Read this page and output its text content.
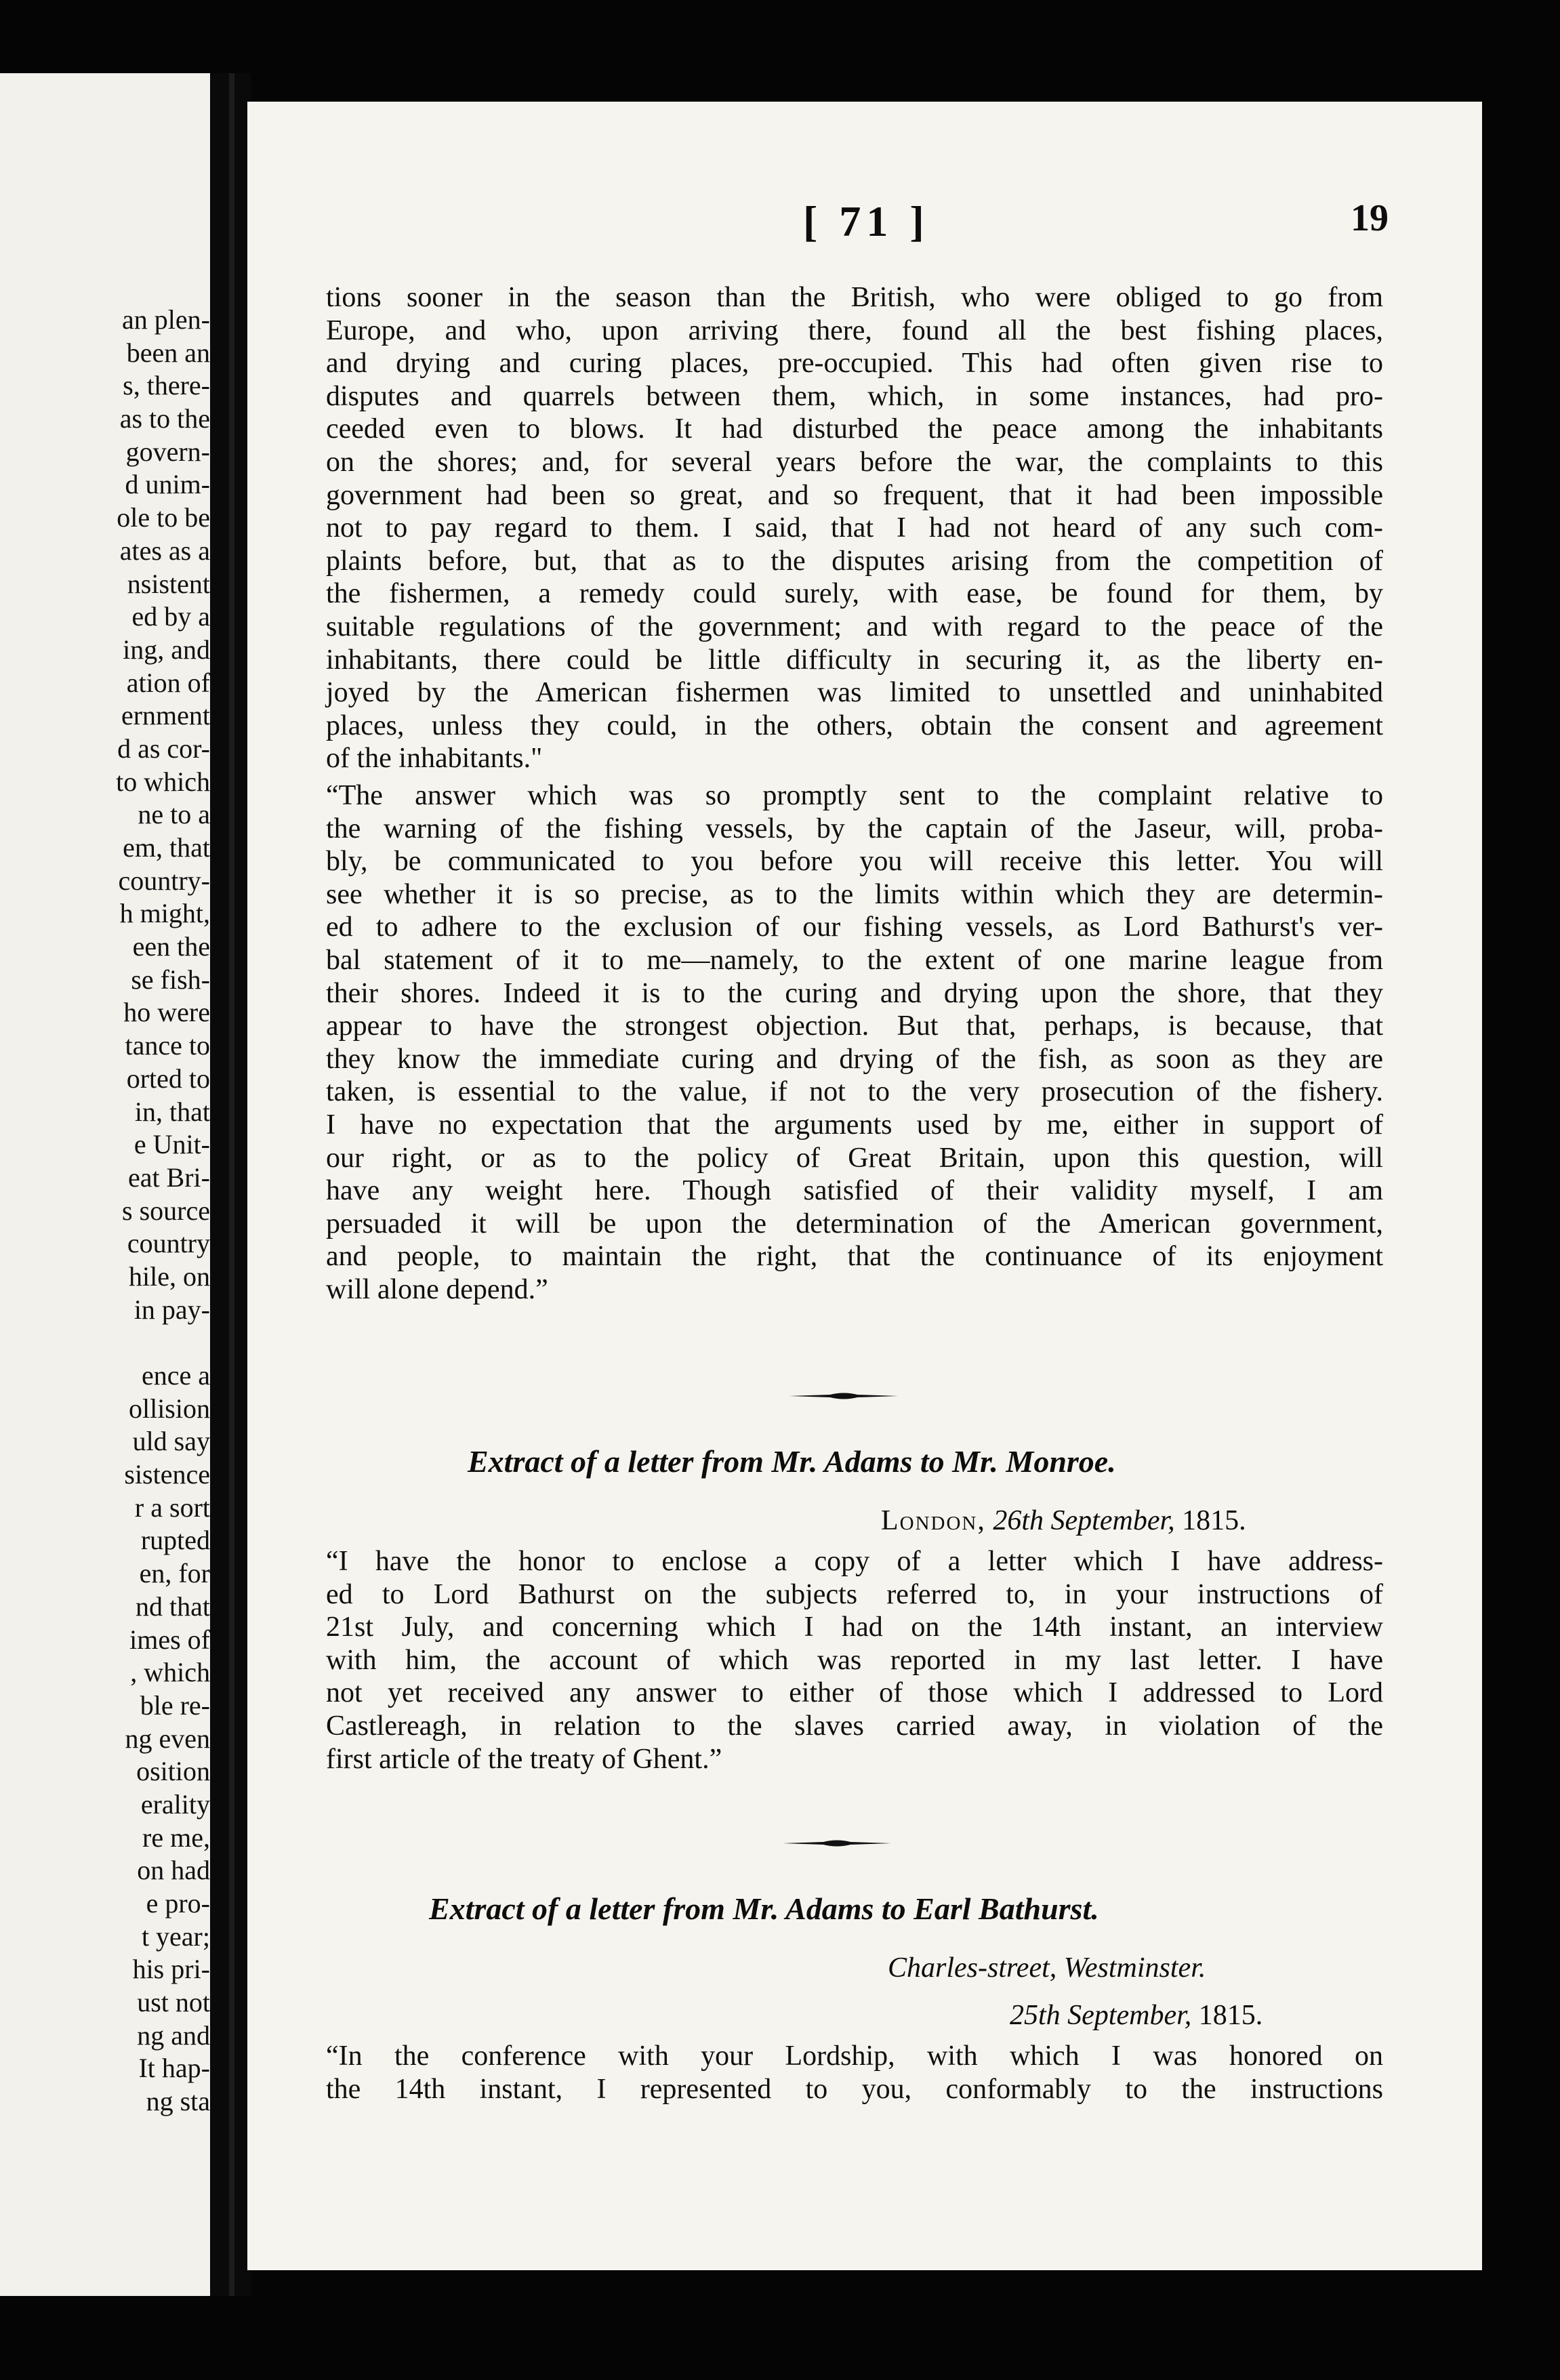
an plen-
been an
s, there-
as to the
govern-
d unim-
ole to be
ates as a
nsistent
ed by a
ing, and
ation of
ernment
d as cor-
to which
ne to a
em, that
country-
h might,
een the
se fish-
ho were
tance to
orted to
in, that
e Unit-
eat Bri-
s source
country
hile, on
in pay-
ence a
ollision
uld say
sistence
r a sort
rupted
en, for
nd that
imes of
, which
ble re-
ng even
osition
erality
re me,
on had
e pro-
t year;
his pri-
ust not
ng and
It hap-
ng sta
[ 71 ]	19
tions sooner in the season than the British, who were obliged to go from
Europe, and who, upon arriving there, found all the best fishing places,
and drying and curing places, pre-occupied. This had often given rise to
disputes and quarrels between them, which, in some instances, had pro-
ceeded even to blows. It had disturbed the peace among the inhabitants
on the shores; and, for several years before the war, the complaints to this
government had been so great, and so frequent, that it had been impossible
not to pay regard to them. I said, that I had not heard of any such com-
plaints before, but, that as to the disputes arising from the competition of
the fishermen, a remedy could surely, with ease, be found for them, by
suitable regulations of the government; and with regard to the peace of the
inhabitants, there could be little difficulty in securing it, as the liberty en-
joyed by the American fishermen was limited to unsettled and uninhabited
places, unless they could, in the others, obtain the consent and agreement
of the inhabitants."
“The answer which was so promptly sent to the complaint relative to
the warning of the fishing vessels, by the captain of the Jaseur, will, proba-
bly, be communicated to you before you will receive this letter. You will
see whether it is so precise, as to the limits within which they are determin-
ed to adhere to the exclusion of our fishing vessels, as Lord Bathurst's ver-
bal statement of it to me—namely, to the extent of one marine league from
their shores. Indeed it is to the curing and drying upon the shore, that they
appear to have the strongest objection. But that, perhaps, is because, that
they know the immediate curing and drying of the fish, as soon as they are
taken, is essential to the value, if not to the very prosecution of the fishery.
I have no expectation that the arguments used by me, either in support of
our right, or as to the policy of Great Britain, upon this question, will
have any weight here. Though satisfied of their validity myself, I am
persuaded it will be upon the determination of the American government,
and people, to maintain the right, that the continuance of its enjoyment
will alone depend.”
Extract of a letter from Mr. Adams to Mr. Monroe.
London, 26th September, 1815.
“I have the honor to enclose a copy of a letter which I have address-
ed to Lord Bathurst on the subjects referred to, in your instructions of
21st July, and concerning which I had on the 14th instant, an interview
with him, the account of which was reported in my last letter. I have
not yet received any answer to either of those which I addressed to Lord
Castlereagh, in relation to the slaves carried away, in violation of the
first article of the treaty of Ghent.”
Extract of a letter from Mr. Adams to Earl Bathurst.
Charles-street, Westminster.
25th September, 1815.
“In the conference with your Lordship, with which I was honored on
the 14th instant, I represented to you, conformably to the instructions
